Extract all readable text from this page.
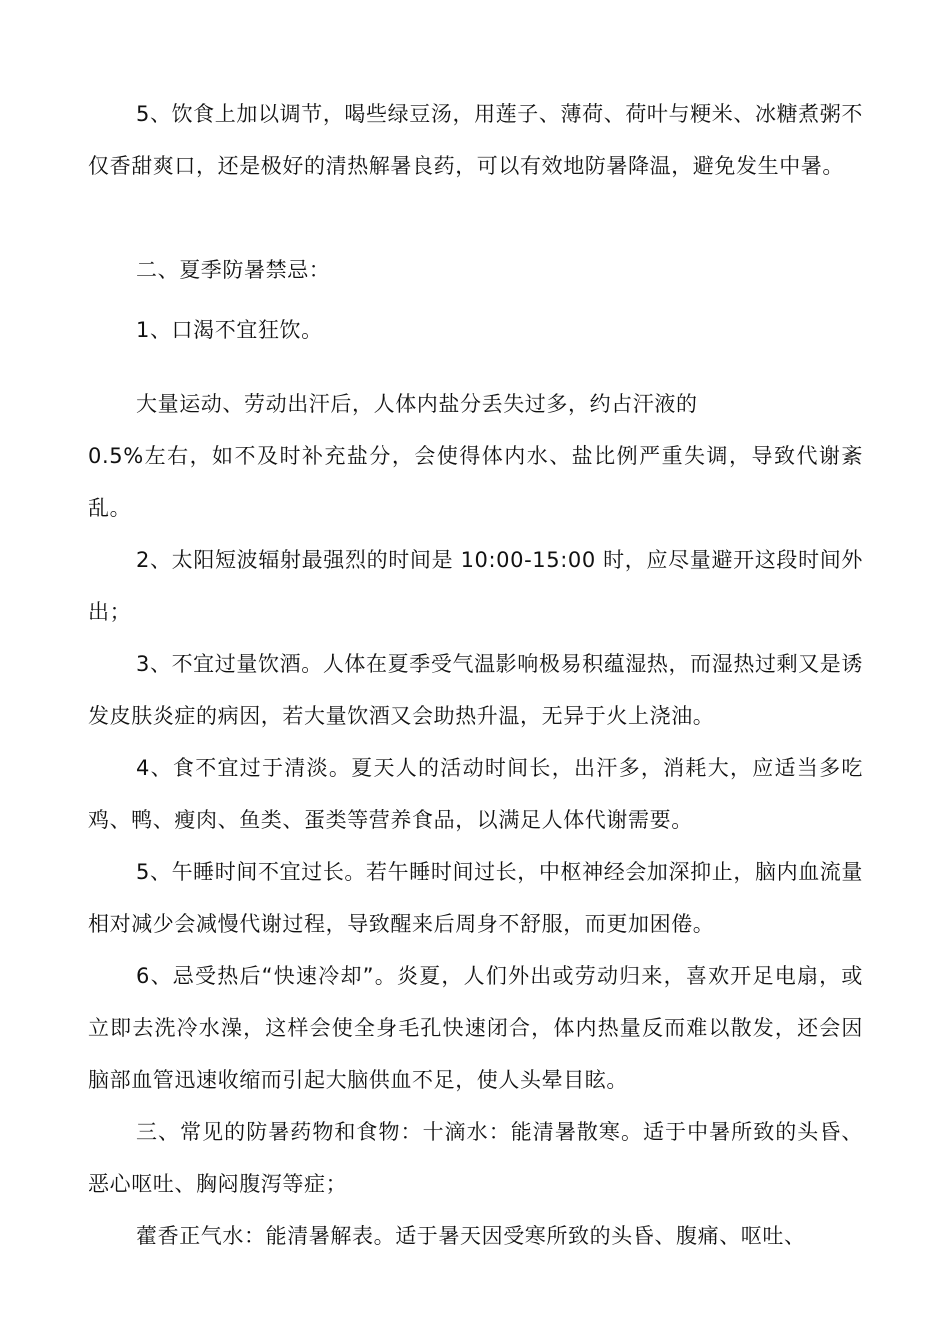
5、饮食上加以调节，喝些绿豆汤，用莲子、薄荷、荷叶与粳米、冰糖煮粥不仅香甜爽口，还是极好的清热解暑良药，可以有效地防暑降温，避免发生中暑。

二、夏季防暑禁忌：

1、口渴不宜狂饮。

大量运动、劳动出汗后，人体内盐分丢失过多，约占汗液的

0.5%左右，如不及时补充盐分，会使得体内水、盐比例严重失调，导致代谢紊乱。

2、太阳短波辐射最强烈的时间是 10:00-15:00 时，应尽量避开这段时间外出；

3、不宜过量饮酒。人体在夏季受气温影响极易积蕴湿热，而湿热过剩又是诱发皮肤炎症的病因，若大量饮酒又会助热升温，无异于火上浇油。

4、食不宜过于清淡。夏天人的活动时间长，出汗多，消耗大，应适当多吃鸡、鸭、瘦肉、鱼类、蛋类等营养食品，以满足人体代谢需要。

5、午睡时间不宜过长。若午睡时间过长，中枢神经会加深抑止，脑内血流量相对减少会减慢代谢过程，导致醒来后周身不舒服，而更加困倦。

6、忌受热后“快速冷却”。炎夏，人们外出或劳动归来，喜欢开足电扇，或立即去洗冷水澡，这样会使全身毛孔快速闭合，体内热量反而难以散发，还会因脑部血管迅速收缩而引起大脑供血不足，使人头晕目眩。

三、常见的防暑药物和食物：十滴水：能清暑散寒。适于中暑所致的头昏、恶心呕吐、胸闷腹泻等症；

藿香正气水：能清暑解表。适于暑天因受寒所致的头昏、腹痛、呕吐、
